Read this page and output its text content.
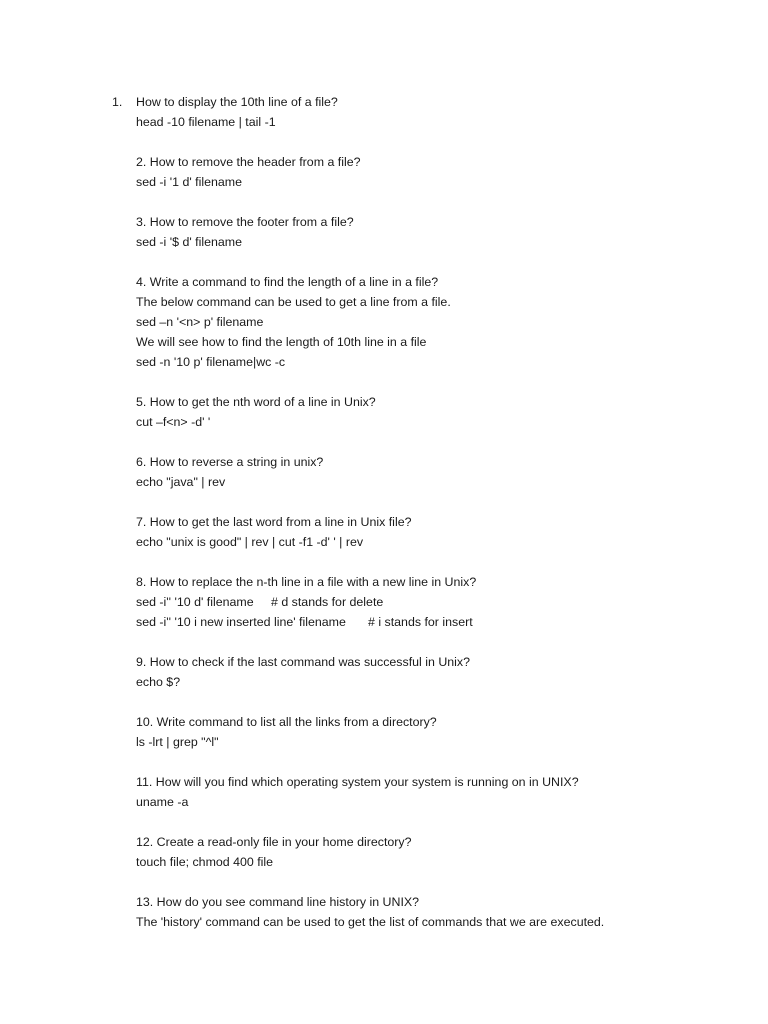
1. How to display the 10th line of a file?
head -10 filename | tail -1
2. How to remove the header from a file?
sed -i '1 d' filename
3. How to remove the footer from a file?
sed -i '$ d' filename
4. Write a command to find the length of a line in a file?
The below command can be used to get a line from a file.
sed –n '<n> p' filename
We will see how to find the length of 10th line in a file
sed -n '10 p' filename|wc -c
5. How to get the nth word of a line in Unix?
cut –f<n> -d' '
6. How to reverse a string in unix?
echo "java" | rev
7. How to get the last word from a line in Unix file?
echo "unix is good" | rev | cut -f1 -d' ' | rev
8. How to replace the n-th line in a file with a new line in Unix?
sed -i'' '10 d' filename # d stands for delete
sed -i'' '10 i new inserted line' filename # i stands for insert
9. How to check if the last command was successful in Unix?
echo $?
10. Write command to list all the links from a directory?
ls -lrt | grep "^l"
11. How will you find which operating system your system is running on in UNIX?
uname -a
12. Create a read-only file in your home directory?
touch file; chmod 400 file
13. How do you see command line history in UNIX?
The 'history' command can be used to get the list of commands that we are executed.
